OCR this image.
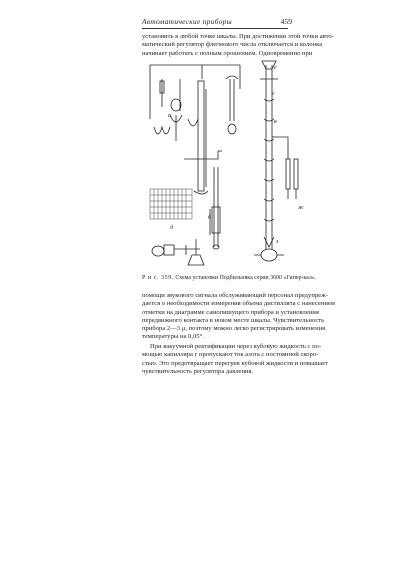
Автоматические приборы	459

установить в любой точке шкалы. При достижении этой точки авто-
матический регулятор флегмового числа отключается и колонка
начинает работать с полным орошением. Одновременно при

а
б
в
г
д
е
ж
з
Р и с. 359. Схема установки Подбильняка серии 3600 «Гипер-кал».

помощи звукового сигнала обслуживающий персонал предупреж-
дается о необходимости измерения объема дистиллята с нанесением
отметки на диаграмме самопишущего прибора и установления
передвижного контакта в новом месте шкалы. Чувствительность
прибора 2—3 μ, поэтому можно легко регистрировать изменения
температуры на 0,05°.

При вакуумной ректификации через кубовую жидкость с по-
мощью капилляра г пропускают ток азота с постоянной скоро-
стью. Это предотвращает перегрев кубовой жидкости и повышает
чувствительность регулятора давления.
